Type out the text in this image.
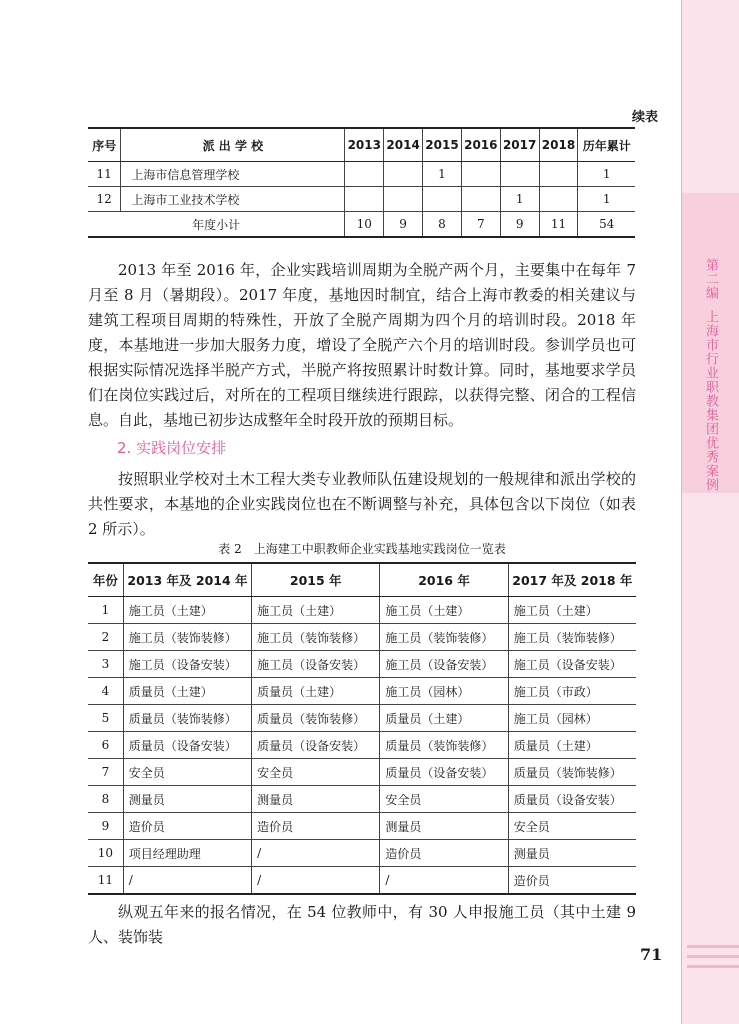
第二编上海市行业职教集团优秀案例
续表
序号	派 出 学 校	2013	2014	2015	2016	2017	2018	历年累计
11	上海市信息管理学校			1				1
12	上海市工业技术学校					1		1
年度小计		10	9	8	7	9	11	54

2013 年至 2016 年，企业实践培训周期为全脱产两个月，主要集中在每年 7 月至 8 月（暑期段）。2017 年度，基地因时制宜，结合上海市教委的相关建议与建筑工程项目周期的特殊性，开放了全脱产周期为四个月的培训时段。2018 年度，本基地进一步加大服务力度，增设了全脱产六个月的培训时段。参训学员也可根据实际情况选择半脱产方式，半脱产将按照累计时数计算。同时，基地要求学员们在岗位实践过后，对所在的工程项目继续进行跟踪，以获得完整、闭合的工程信息。自此，基地已初步达成整年全时段开放的预期目标。

2. 实践岗位安排

按照职业学校对土木工程大类专业教师队伍建设规划的一般规律和派出学校的共性要求，本基地的企业实践岗位也在不断调整与补充，具体包含以下岗位（如表 2 所示）。

表 2　上海建工中职教师企业实践基地实践岗位一览表
年份	2013 年及 2014 年	2015 年	2016 年	2017 年及 2018 年
1	施工员（土建）	施工员（土建）	施工员（土建）	施工员（土建）
2	施工员（装饰装修）	施工员（装饰装修）	施工员（装饰装修）	施工员（装饰装修）
3	施工员（设备安装）	施工员（设备安装）	施工员（设备安装）	施工员（设备安装）
4	质量员（土建）	质量员（土建）	施工员（园林）	施工员（市政）
5	质量员（装饰装修）	质量员（装饰装修）	质量员（土建）	施工员（园林）
6	质量员（设备安装）	质量员（设备安装）	质量员（装饰装修）	质量员（土建）
7	安全员	安全员	质量员（设备安装）	质量员（装饰装修）
8	测量员	测量员	安全员	质量员（设备安装）
9	造价员	造价员	测量员	安全员
10	项目经理助理	/	造价员	测量员
11	/	/	/	造价员

纵观五年来的报名情况，在 54 位教师中，有 30 人申报施工员（其中土建 9 人、装饰装

71
